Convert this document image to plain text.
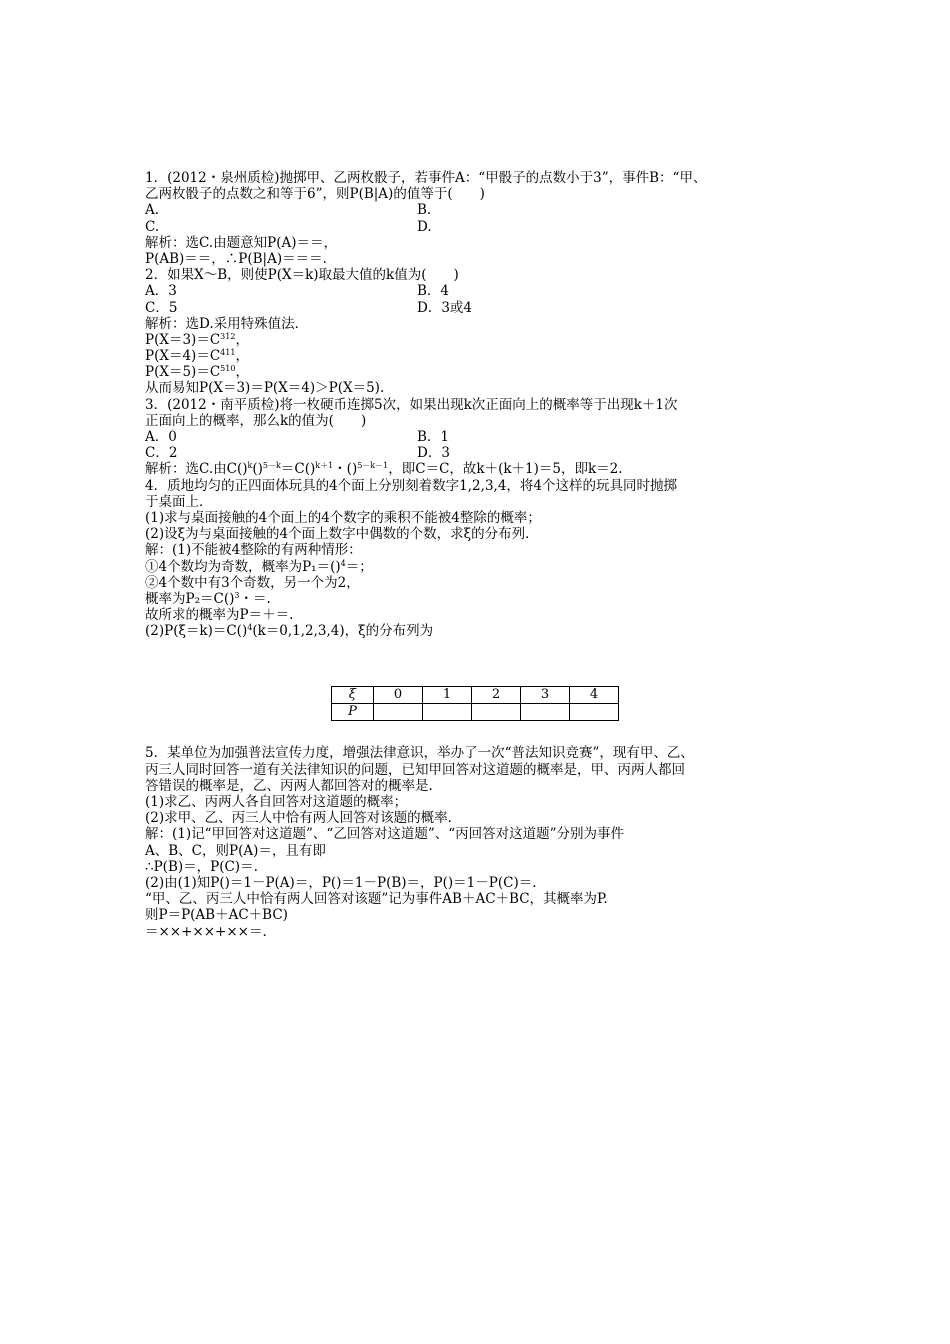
1．(2012・泉州质检)抛掷甲、乙两枚骰子，若事件A：“甲骰子的点数小于3”，事件B：“甲、
乙两枚骰子的点数之和等于6”，则P(B|A)的值等于(　　)
A.	B.
C.	D.
解析：选C.由题意知P(A)＝＝，
P(AB)＝＝，∴P(B|A)＝＝＝.
2．如果X～B，则使P(X＝k)取最大值的k值为(　　)
A．3	B．4
C．5	D．3或4
解析：选D.采用特殊值法．
$P(X=3)=C^{312}$，
$P(X=4)=C^{411}$，
$P(X=5)=C^{510}$，
从而易知P(X＝3)＝P(X＝4)＞P(X＝5).
3．(2012・南平质检)将一枚硬币连掷5次，如果出现k次正面向上的概率等于出现k＋1次
正面向上的概率，那么k的值为(　　)
A．0	B．1
C．2	D．3
解析：选C.由C()$^k$()$^{5-k}$＝C()$^{k+1}$・()$^{5-k-1}$，即C＝C，故k＋(k＋1)＝5，即k＝2.
4．质地均匀的正四面体玩具的4个面上分别刻着数字1,2,3,4，将4个这样的玩具同时抛掷
于桌面上．
(1)求与桌面接触的4个面上的4个数字的乘积不能被4整除的概率；
(2)设ξ为与桌面接触的4个面上数字中偶数的个数，求ξ的分布列．
解：(1)不能被4整除的有两种情形：
①4个数均为奇数，概率为P₁＝()$^4$＝；
②4个数中有3个奇数，另一个为2，
概率为P₂＝C()$^3$・＝.
故所求的概率为P＝＋＝.
(2)P(ξ＝k)＝C()$^4$(k＝0,1,2,3,4)，ξ的分布列为
ξ	0	1	2	3	4
P					
5．某单位为加强普法宣传力度，增强法律意识，举办了一次“普法知识竞赛”，现有甲、乙、
丙三人同时回答一道有关法律知识的问题，已知甲回答对这道题的概率是，甲、丙两人都回
答错误的概率是，乙、丙两人都回答对的概率是.
(1)求乙、丙两人各自回答对这道题的概率；
(2)求甲、乙、丙三人中恰有两人回答对该题的概率．
解：(1)记“甲回答对这道题”、“乙回答对这道题”、“丙回答对这道题”分别为事件
A、B、C，则P(A)＝，且有即
∴P(B)＝，P(C)＝.
(2)由(1)知P()＝1－P(A)＝，P()＝1－P(B)＝，P()＝1－P(C)＝.
“甲、乙、丙三人中恰有两人回答对该题”记为事件AB＋AC＋BC，其概率为P.
则P＝P(AB＋AC＋BC)
＝××+××+××＝.
